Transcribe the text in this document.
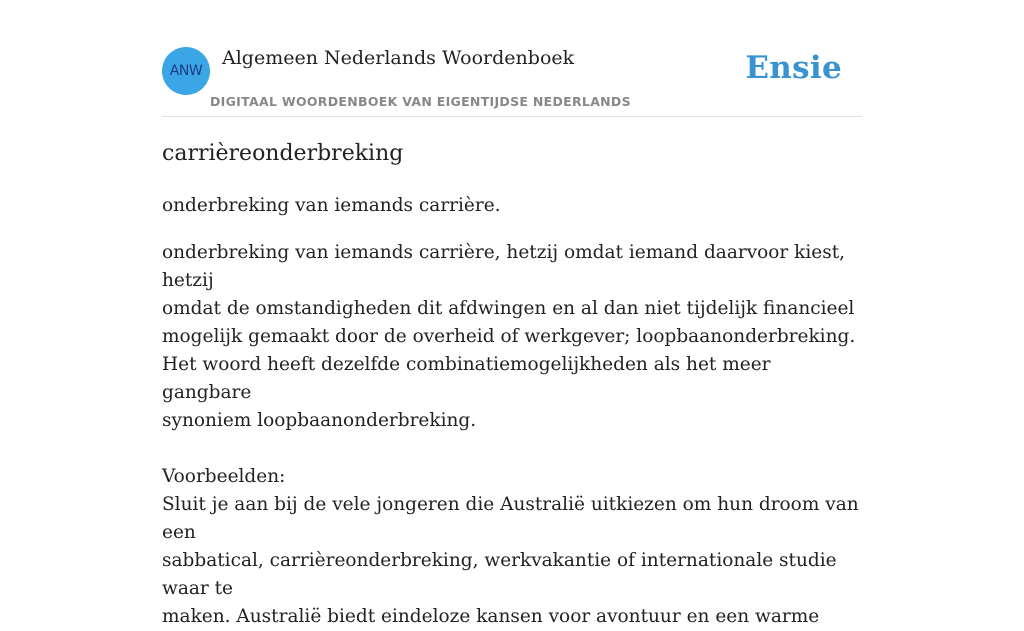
ANW
Algemeen Nederlands Woordenboek
DIGITAAL WOORDENBOEK VAN EIGENTIJDSE NEDERLANDS
Ensie
carrièreonderbreking

onderbreking van iemands carrière.

onderbreking van iemands carrière, hetzij omdat iemand daarvoor kiest, hetzij

omdat de omstandigheden dit afdwingen en al dan niet tijdelijk financieel

mogelijk gemaakt door de overheid of werkgever; loopbaanonderbreking.

Het woord heeft dezelfde combinatiemogelijkheden als het meer gangbare

synoniem loopbaanonderbreking.

Voorbeelden:

Sluit je aan bij de vele jongeren die Australië uitkiezen om hun droom van een

sabbatical, carrièreonderbreking, werkvakantie of internationale studie waar te

maken. Australië biedt eindeloze kansen voor avontuur en een warme
